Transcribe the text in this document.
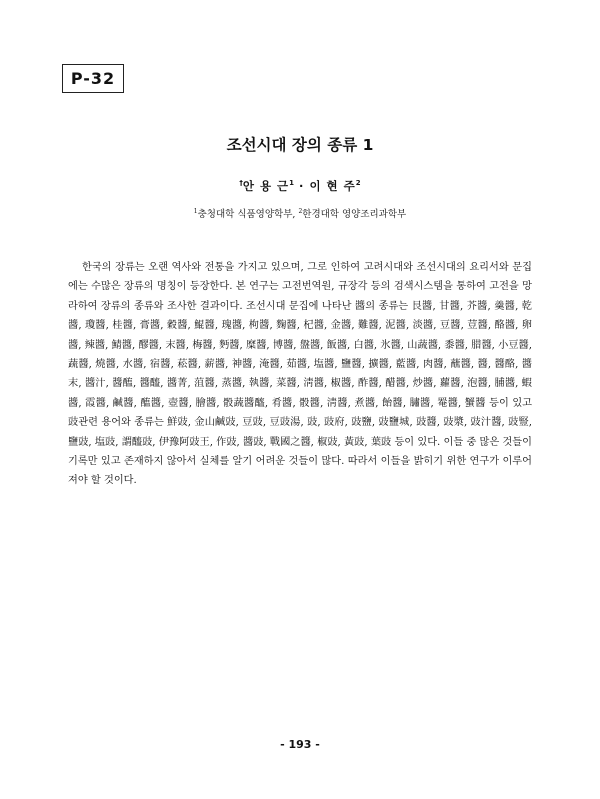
P-32
조선시대 장의 종류 1
†안 용 근$^1$ · 이 현 주$^2$
$^1$충청대학 식품영양학부, $^2$한경대학 영양조리과학부

한국의 장류는 오랜 역사와 전통을 가지고 있으며, 그로 인하여 고려시대와 조선시대의 요리서와 문집에는 수많은 장류의 명칭이 등장한다. 본 연구는 고전번역원, 규장각 등의 검색시스템을 통하여 고전을 망라하여 장류의 종류와 조사한 결과이다. 조선시대 문집에 나타난 醬의 종류는 艮醬, 甘醬, 芥醬, 羹醬, 乾醬, 瓊醬, 桂醬, 膏醬, 穀醬, 鯤醬, 瑰醬, 枸醬, 麴醬, 杞醬, 金醬, 難醬, 泥醬, 淡醬, 豆醬, 荳醬, 酪醬, 卵醬, 辣醬, 鯖醬, 醪醬, 末醬, 梅醬, 麪醬, 糜醬, 博醬, 盤醬, 飯醬, 白醬, 氷醬, 山蔬醬, 黍醬, 腊醬, 小豆醬, 蔬醬, 燒醬, 水醬, 宿醬, 菘醬, 薪醬, 神醬, 淹醬, 茹醬, 塩醬, 鹽醬, 擴醬, 藍醬, 肉醬, 蘸醬, 醬, 醬酪, 醬末, 醬汁, 醬醢, 醬醯, 醬菁, 菹醬, 蒸醬, 執醬, 菜醬, 淸醬, 椒醬, 酢醬, 醋醬, 炒醬, 蘿醬, 泡醬, 脯醬, 蝦醬, 霞醬, 鹹醬, 醢醬, 壺醬, 膾醬, 骰蔬醬醯, 肴醬, 骰醬, 淸醬, 煮醬, 飴醬, 䐹醬, 罨醬, 蟹醬 등이 있고 豉관련 용어와 종류는 鮮豉, 金山鹹豉, 豆豉, 豆豉湯, 豉, 豉府, 豉鹽, 豉鹽城, 豉醬, 豉漿, 豉汁醬, 豉豎, 鹽豉, 塩豉, 謂醯豉, 伊豫阿豉王, 作豉, 醬豉, 戰國之醬, 椒豉, 黃豉, 葉豉 등이 있다. 이들 중 많은 것들이 기록만 있고 존재하지 않아서 실체를 알기 어려운 것들이 많다. 따라서 이들을 밝히기 위한 연구가 이루어져야 할 것이다.

- 193 -
